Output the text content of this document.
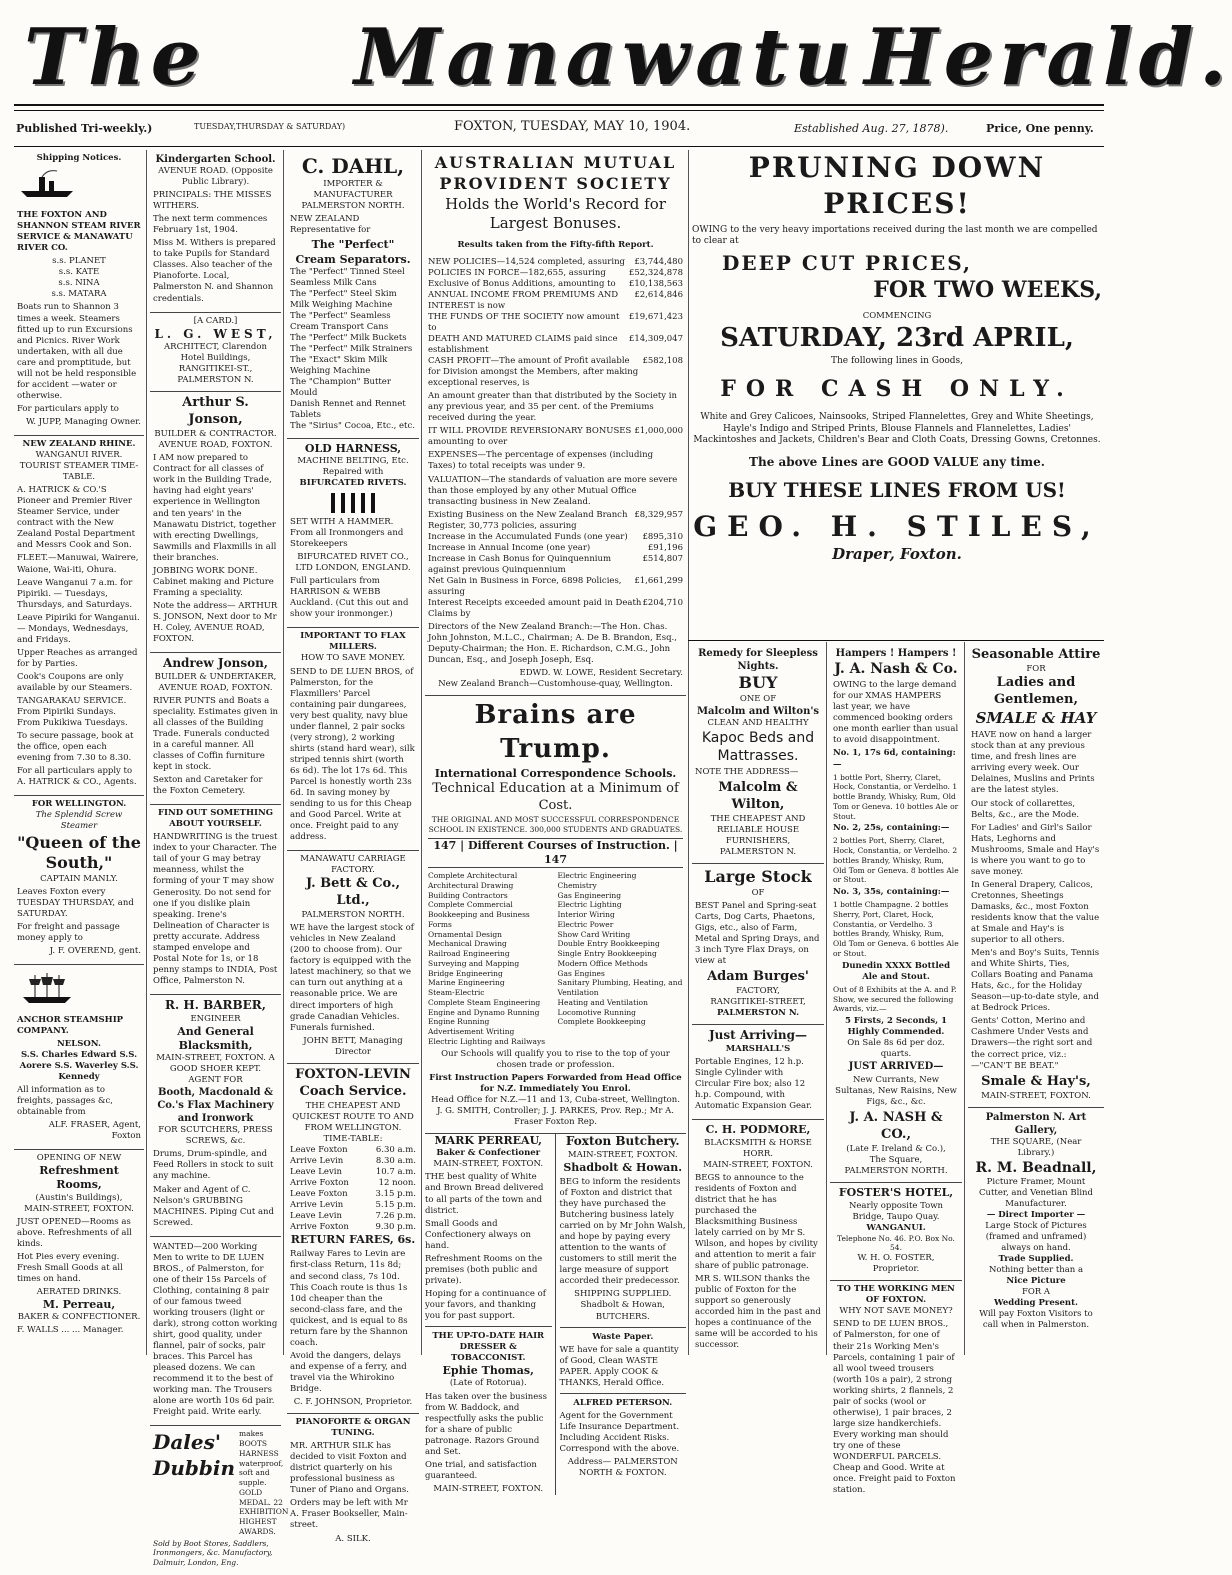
The Manawatu Herald.
Published Tri-weekly.)	TUESDAY,THURSDAY & SATURDAY)	FOXTON, TUESDAY, MAY 10, 1904.	Established Aug. 27, 1878).	Price, One penny.
Shipping Notices.

THE FOXTON AND SHANNON STEAM RIVER SERVICE & MANAWATU RIVER CO.

s.s. PLANET
s.s. KATE
s.s. NINA
s.s. MATARA

Boats run to Shannon 3 times a week. Steamers fitted up to run Excursions and Picnics. River Work undertaken, with all due care and promptitude, but will not be held responsible for accident —water or otherwise.

For particulars apply to

W. JUPP, Managing Owner.

NEW ZEALAND RHINE.
WANGANUI RIVER.
TOURIST STEAMER TIME-TABLE.

A. HATRICK & CO.'S Pioneer and Premier River Steamer Service, under contract with the New Zealand Postal Department and Messrs Cook and Son.

FLEET.—Manuwai, Wairere, Waione, Wai-iti, Ohura.

Leave Wanganui 7 a.m. for Pipiriki. — Tuesdays, Thursdays, and Saturdays.

Leave Pipiriki for Wanganui. — Mondays, Wednesdays, and Fridays.

Upper Reaches as arranged for by Parties.

Cook's Coupons are only available by our Steamers.

TANGARAKAU SERVICE. From Pipiriki Sundays. From Pukikiwa Tuesdays.

To secure passage, book at the office, open each evening from 7.30 to 8.30.

For all particulars apply to A. HATRICK & CO., Agents.

FOR WELLINGTON.
The Splendid Screw Steamer
"Queen of the South,"
CAPTAIN MANLY.

Leaves Foxton every TUESDAY THURSDAY, and SATURDAY.

For freight and passage money apply to

J. F. OVEREND, gent.

ANCHOR STEAMSHIP COMPANY.

NELSON.
S.S. Charles Edward S.S. Aorere S.S. Waverley S.S. Kennedy

All information as to freights, passages &c, obtainable from

ALF. FRASER, Agent, Foxton

OPENING OF NEW
Refreshment Rooms,
(Austin's Buildings),
MAIN-STREET, FOXTON.

JUST OPENED—Rooms as above. Refreshments of all kinds.

Hot Pies every evening. Fresh Small Goods at all times on hand.

AERATED DRINKS.
M. Perreau,
BAKER & CONFECTIONER.

F. WALLS ... ... Manager.

Kindergarten School.
AVENUE ROAD. (Opposite Public Library).

PRINCIPALS: THE MISSES WITHERS.

The next term commences February 1st, 1904.

Miss M. Withers is prepared to take Pupils for Standard Classes. Also teacher of the Pianoforte. Local, Palmerston N. and Shannon credentials.

[A CARD.]
L. G. WEST,
ARCHITECT, Clarendon Hotel Buildings, RANGITIKEI-ST., PALMERSTON N.
Arthur S. Jonson,
BUILDER & CONTRACTOR. AVENUE ROAD, FOXTON.

I AM now prepared to Contract for all classes of work in the Building Trade, having had eight years' experience in Wellington and ten years' in the Manawatu District, together with erecting Dwellings, Sawmills and Flaxmills in all their branches.

JOBBING WORK DONE. Cabinet making and Picture Framing a speciality.

Note the address— ARTHUR S. JONSON, Next door to Mr H. Coley, AVENUE ROAD, FOXTON.

Andrew Jonson,
BUILDER & UNDERTAKER, AVENUE ROAD, FOXTON.

RIVER PUNTS and Boats a speciality. Estimates given in all classes of the Building Trade. Funerals conducted in a careful manner. All classes of Coffin furniture kept in stock.

Sexton and Caretaker for the Foxton Cemetery.

FIND OUT SOMETHING ABOUT YOURSELF.

HANDWRITING is the truest index to your Character. The tail of your G may betray meanness, whilst the forming of your T may show Generosity. Do not send for one if you dislike plain speaking. Irene's Delineation of Character is pretty accurate. Address stamped envelope and Postal Note for 1s, or 18 penny stamps to INDIA, Post Office, Palmerston N.

R. H. BARBER,
ENGINEER
And General Blacksmith,
MAIN-STREET, FOXTON. A GOOD SHOER KEPT.
AGENT FOR
Booth, Macdonald & Co.'s Flax Machinery and Ironwork
FOR SCUTCHERS, PRESS SCREWS, &c.

Drums, Drum-spindle, and Feed Rollers in stock to suit any machine.

Maker and Agent of C. Nelson's GRUBBING MACHINES. Piping Cut and Screwed.

WANTED—200 Working Men to write to DE LUEN BROS., of Palmerston, for one of their 15s Parcels of Clothing, containing 8 pair of our famous tweed working trousers (light or dark), strong cotton working shirt, good quality, under flannel, pair of socks, pair braces. This Parcel has pleased dozens. We can recommend it to the best of working man. The Trousers alone are worth 10s 6d pair. Freight paid. Write early.

Dales' Dubbin
makes BOOTS HARNESS waterproof, soft and supple. GOLD MEDAL. 22 EXHIBITION HIGHEST AWARDS.

Sold by Boot Stores, Saddlers, Ironmongers, &c. Manufactory, Dalmuir, London, Eng.

C. DAHL,
IMPORTER & MANUFACTURER
PALMERSTON NORTH.

NEW ZEALAND Representative for

The "Perfect" Cream Separators.
The "Perfect" Tinned Steel Seamless Milk Cans
The "Perfect" Steel Skim Milk Weighing Machine
The "Perfect" Seamless Cream Transport Cans
The "Perfect" Milk Buckets
The "Perfect" Milk Strainers
The "Exact" Skim Milk Weighing Machine
The "Champion" Butter Mould
Danish Rennet and Rennet Tablets
The "Sirius" Cocoa, Etc., etc.
OLD HARNESS,
MACHINE BELTING, Etc. Repaired with
BIFURCATED RIVETS.

SET WITH A HAMMER. From all Ironmongers and Storekeepers

BIFURCATED RIVET CO., LTD LONDON, ENGLAND.

Full particulars from HARRISON & WEBB Auckland. (Cut this out and show your ironmonger.)

IMPORTANT TO FLAX MILLERS.
HOW TO SAVE MONEY.

SEND to DE LUEN BROS, of Palmerston, for the Flaxmillers' Parcel containing pair dungarees, very best quality, navy blue under flannel, 2 pair socks (very strong), 2 working shirts (stand hard wear), silk striped tennis shirt (worth 6s 6d). The lot 17s 6d. This Parcel is honestly worth 23s 6d. In saving money by sending to us for this Cheap and Good Parcel. Write at once. Freight paid to any address.

MANAWATU CARRIAGE FACTORY.
J. Bett & Co., Ltd.,
PALMERSTON NORTH.

WE have the largest stock of vehicles in New Zealand (200 to choose from). Our factory is equipped with the latest machinery, so that we can turn out anything at a reasonable price. We are direct importers of high grade Canadian Vehicles. Funerals furnished.

JOHN BETT, Managing Director
FOXTON-LEVIN Coach Service.
THE CHEAPEST AND QUICKEST ROUTE TO AND FROM WELLINGTON.
TIME-TABLE:
Leave Foxton	6.30 a.m.
Arrive Levin	8.30 a.m.
Leave Levin	10.7 a.m.
Arrive Foxton	12 noon.
Leave Foxton	3.15 p.m.
Arrive Levin	5.15 p.m.
Leave Levin	7.26 p.m.
Arrive Foxton	9.30 p.m.
RETURN FARES, 6s.

Railway Fares to Levin are first-class Return, 11s 8d; and second class, 7s 10d. This Coach route is thus 1s 10d cheaper than the second-class fare, and the quickest, and is equal to 8s return fare by the Shannon coach.

Avoid the dangers, delays and expense of a ferry, and travel via the Whirokino Bridge.

C. F. JOHNSON, Proprietor.
PIANOFORTE & ORGAN TUNING.

MR. ARTHUR SILK has decided to visit Foxton and district quarterly on his professional business as Tuner of Piano and Organs.

Orders may be left with Mr A. Fraser Bookseller, Main-street.

A. SILK.
AUSTRALIAN MUTUAL PROVIDENT SOCIETY
Holds the World's Record for Largest Bonuses.
Results taken from the Fifty-fifth Report.
NEW POLICIES—14,524 completed, assuring £3,744,480
POLICIES IN FORCE—182,655, assuring	£52,324,878
Exclusive of Bonus Additions, amounting to £10,138,563
ANNUAL INCOME FROM PREMIUMS AND INTEREST is now
£2,614,846
THE FUNDS OF THE SOCIETY now amount to
£19,671,423
DEATH AND MATURED CLAIMS paid since establishment
£14,309,047
CASH PROFIT—The amount of Profit available for Division amongst the Members, after making exceptional reserves, is
£582,108

An amount greater than that distributed by the Society in any previous year, and 35 per cent. of the Premiums received during the year.

IT WILL PROVIDE REVERSIONARY BONUSES amounting to over
£1,000,000

EXPENSES—The percentage of expenses (including Taxes) to total receipts was under 9.

VALUATION—The standards of valuation are more severe than those employed by any other Mutual Office transacting business in New Zealand.

Existing Business on the New Zealand Branch Register, 30,773 policies, assuring
£8,329,957
Increase in the Accumulated Funds (one year) £895,310
Increase in Annual Income (one year)	£91,196
Increase in Cash Bonus for Quinquennium against previous Quinquennium
£514,807
Net Gain in Business in Force, 6898 Policies, assuring
£1,661,299
Interest Receipts exceeded amount paid in Death Claims by
£204,710

Directors of the New Zealand Branch:—The Hon. Chas. John Johnston, M.L.C., Chairman; A. De B. Brandon, Esq., Deputy-Chairman; the Hon. E. Richardson, C.M.G., John Duncan, Esq., and Joseph Joseph, Esq.

EDWD. W. LOWE, Resident Secretary.
New Zealand Branch—Customhouse-quay, Wellington.
Brains are Trump.
International Correspondence Schools.
Technical Education at a Minimum of Cost.
THE ORIGINAL AND MOST SUCCESSFUL CORRESPONDENCE SCHOOL IN EXISTENCE. 300,000 STUDENTS AND GRADUATES.
147 | Different Courses of Instruction. | 147
Complete Architectural
Architectural Drawing
Building Contractors
Complete Commercial
Bookkeeping and Business Forms
Ornamental Design
Mechanical Drawing
Railroad Engineering
Surveying and Mapping
Bridge Engineering
Marine Engineering
Steam-Electric
Complete Steam Engineering
Engine and Dynamo Running
Engine Running
Advertisement Writing
Electric Lighting and Railways
Electric Engineering
Chemistry
Gas Engineering
Electric Lighting
Interior Wiring
Electric Power
Show Card Writing
Double Entry Bookkeeping
Single Entry Bookkeeping
Modern Office Methods
Gas Engines
Sanitary Plumbing, Heating, and Ventilation
Heating and Ventilation
Locomotive Running
Complete Bookkeeping

Our Schools will qualify you to rise to the top of your chosen trade or profession.

First Instruction Papers Forwarded from Head Office for N.Z. Immediately You Enrol.
Head Office for N.Z.—11 and 13, Cuba-street, Wellington.
J. G. SMITH, Controller; J. J. PARKES, Prov. Rep.; Mr A. Fraser Foxton Rep.
MARK PERREAU,
Baker & Confectioner
MAIN-STREET, FOXTON.

THE best quality of White and Brown Bread delivered to all parts of the town and district.

Small Goods and Confectionery always on hand.

Refreshment Rooms on the premises (both public and private).

Hoping for a continuance of your favors, and thanking you for past support.

THE UP-TO-DATE HAIR DRESSER & TOBACCONIST.
Ephie Thomas,
(Late of Rotorua).

Has taken over the business from W. Baddock, and respectfully asks the public for a share of public patronage. Razors Ground and Set.

One trial, and satisfaction guaranteed.

MAIN-STREET, FOXTON.
Foxton Butchery.
MAIN-STREET, FOXTON.
Shadbolt & Howan.

BEG to inform the residents of Foxton and district that they have purchased the Butchering business lately carried on by Mr John Walsh, and hope by paying every attention to the wants of customers to still merit the large measure of support accorded their predecessor.

SHIPPING SUPPLIED.
Shadbolt & Howan, BUTCHERS.
Waste Paper.

WE have for sale a quantity of Good, Clean WASTE PAPER. Apply COOK & THANKS, Herald Office.

ALFRED PETERSON.

Agent for the Government Life Insurance Department. Including Accident Risks. Correspond with the above.

Address— PALMERSTON NORTH & FOXTON.
PRUNING DOWN PRICES!

OWING to the very heavy importations received during the last month we are compelled to clear at

DEEP CUT PRICES,
FOR TWO WEEKS,
COMMENCING
SATURDAY, 23rd APRIL,
The following lines in Goods,
FOR CASH ONLY.

White and Grey Calicoes, Nainsooks, Striped Flannelettes, Grey and White Sheetings, Hayle's Indigo and Striped Prints, Blouse Flannels and Flannelettes, Ladies' Mackintoshes and Jackets, Children's Bear and Cloth Coats, Dressing Gowns, Cretonnes.

The above Lines are GOOD VALUE any time.
BUY THESE LINES FROM US!
GEO. H. STILES,
Draper, Foxton.
Remedy for Sleepless Nights.
BUY
ONE OF
Malcolm and Wilton's
CLEAN AND HEALTHY
Kapoc Beds and Mattrasses.

NOTE THE ADDRESS—

Malcolm & Wilton,
THE CHEAPEST AND RELIABLE HOUSE FURNISHERS,
PALMERSTON N.
Large Stock
OF

BEST Panel and Spring-seat Carts, Dog Carts, Phaetons, Gigs, etc., also of Farm, Metal and Spring Drays, and 3 inch Tyre Flax Drays, on view at

Adam Burges'
FACTORY,
RANGITIKEI-STREET,
PALMERSTON N.
Just Arriving—
MARSHALL'S

Portable Engines, 12 h.p. Single Cylinder with Circular Fire box; also 12 h.p. Compound, with Automatic Expansion Gear.

C. H. PODMORE,
BLACKSMITH & HORSE HORR.
MAIN-STREET, FOXTON.

BEGS to announce to the residents of Foxton and district that he has purchased the Blacksmithing Business lately carried on by Mr S. Wilson, and hopes by civility and attention to merit a fair share of public patronage.

MR S. WILSON thanks the public of Foxton for the support so generously accorded him in the past and hopes a continuance of the same will be accorded to his successor.

Hampers ! Hampers !
J. A. Nash & Co.

OWING to the large demand for our XMAS HAMPERS last year, we have commenced booking orders one month earlier than usual to avoid disappointment.

No. 1, 17s 6d, containing:—

1 bottle Port, Sherry, Claret, Hock, Constantia, or Verdelho. 1 bottle Brandy, Whisky, Rum, Old Tom or Geneva. 10 bottles Ale or Stout.

No. 2, 25s, containing:—

2 bottles Port, Sherry, Claret, Hock, Constantia, or Verdelho. 2 bottles Brandy, Whisky, Rum, Old Tom or Geneva. 8 bottles Ale or Stout.

No. 3, 35s, containing:—

1 bottle Champagne. 2 bottles Sherry, Port, Claret, Hock, Constantia, or Verdelho. 3 bottles Brandy, Whisky, Rum, Old Tom or Geneva. 6 bottles Ale or Stout.

Dunedin XXXX Bottled Ale and Stout.

Out of 8 Exhibits at the A. and P. Show, we secured the following Awards, viz.—

5 Firsts, 2 Seconds, 1 Highly Commended.
On Sale 8s 6d per doz. quarts.
JUST ARRIVED—

New Currants, New Sultanas, New Raisins, New Figs, &c., &c.

J. A. NASH & CO.,
(Late F. Ireland & Co.),
The Square,
PALMERSTON NORTH.
FOSTER'S HOTEL,
Nearly opposite Town Bridge, Taupo Quay.
WANGANUI.
Telephone No. 46. P.O. Box No. 54.
W. H. O. FOSTER, Proprietor.
TO THE WORKING MEN OF FOXTON.
WHY NOT SAVE MONEY?

SEND to DE LUEN BROS., of Palmerston, for one of their 21s Working Men's Parcels, containing 1 pair of all wool tweed trousers (worth 10s a pair), 2 strong working shirts, 2 flannels, 2 pair of socks (wool or otherwise), 1 pair braces, 2 large size handkerchiefs. Every working man should try one of these WONDERFUL PARCELS. Cheap and Good. Write at once. Freight paid to Foxton station.

Seasonable Attire
FOR
Ladies and Gentlemen,
SMALE & HAY

HAVE now on hand a larger stock than at any previous time, and fresh lines are arriving every week. Our Delaines, Muslins and Prints are the latest styles.

Our stock of collarettes, Belts, &c., are the Mode.

For Ladies' and Girl's Sailor Hats, Leghorns and Mushrooms, Smale and Hay's is where you want to go to save money.

In General Drapery, Calicos, Cretonnes, Sheetings Damasks, &c., most Foxton residents know that the value at Smale and Hay's is superior to all others.

Men's and Boy's Suits, Tennis and White Shirts, Ties, Collars Boating and Panama Hats, &c., for the Holiday Season—up-to-date style, and at Bedrock Prices.

Gents' Cotton, Merino and Cashmere Under Vests and Drawers—the right sort and the correct price, viz.:—"CAN'T BE BEAT."

Smale & Hay's,
MAIN-STREET, FOXTON.
Palmerston N. Art Gallery,
THE SQUARE, (Near Library.)
R. M. Beadnall,
Picture Framer, Mount Cutter, and Venetian Blind Manufacturer.
— Direct Importer —
Large Stock of Pictures (framed and unframed) always on hand.
Trade Supplied.
Nothing better than a
Nice Picture
FOR A
Wedding Present.
Will pay Foxton Visitors to call when in Palmerston.
